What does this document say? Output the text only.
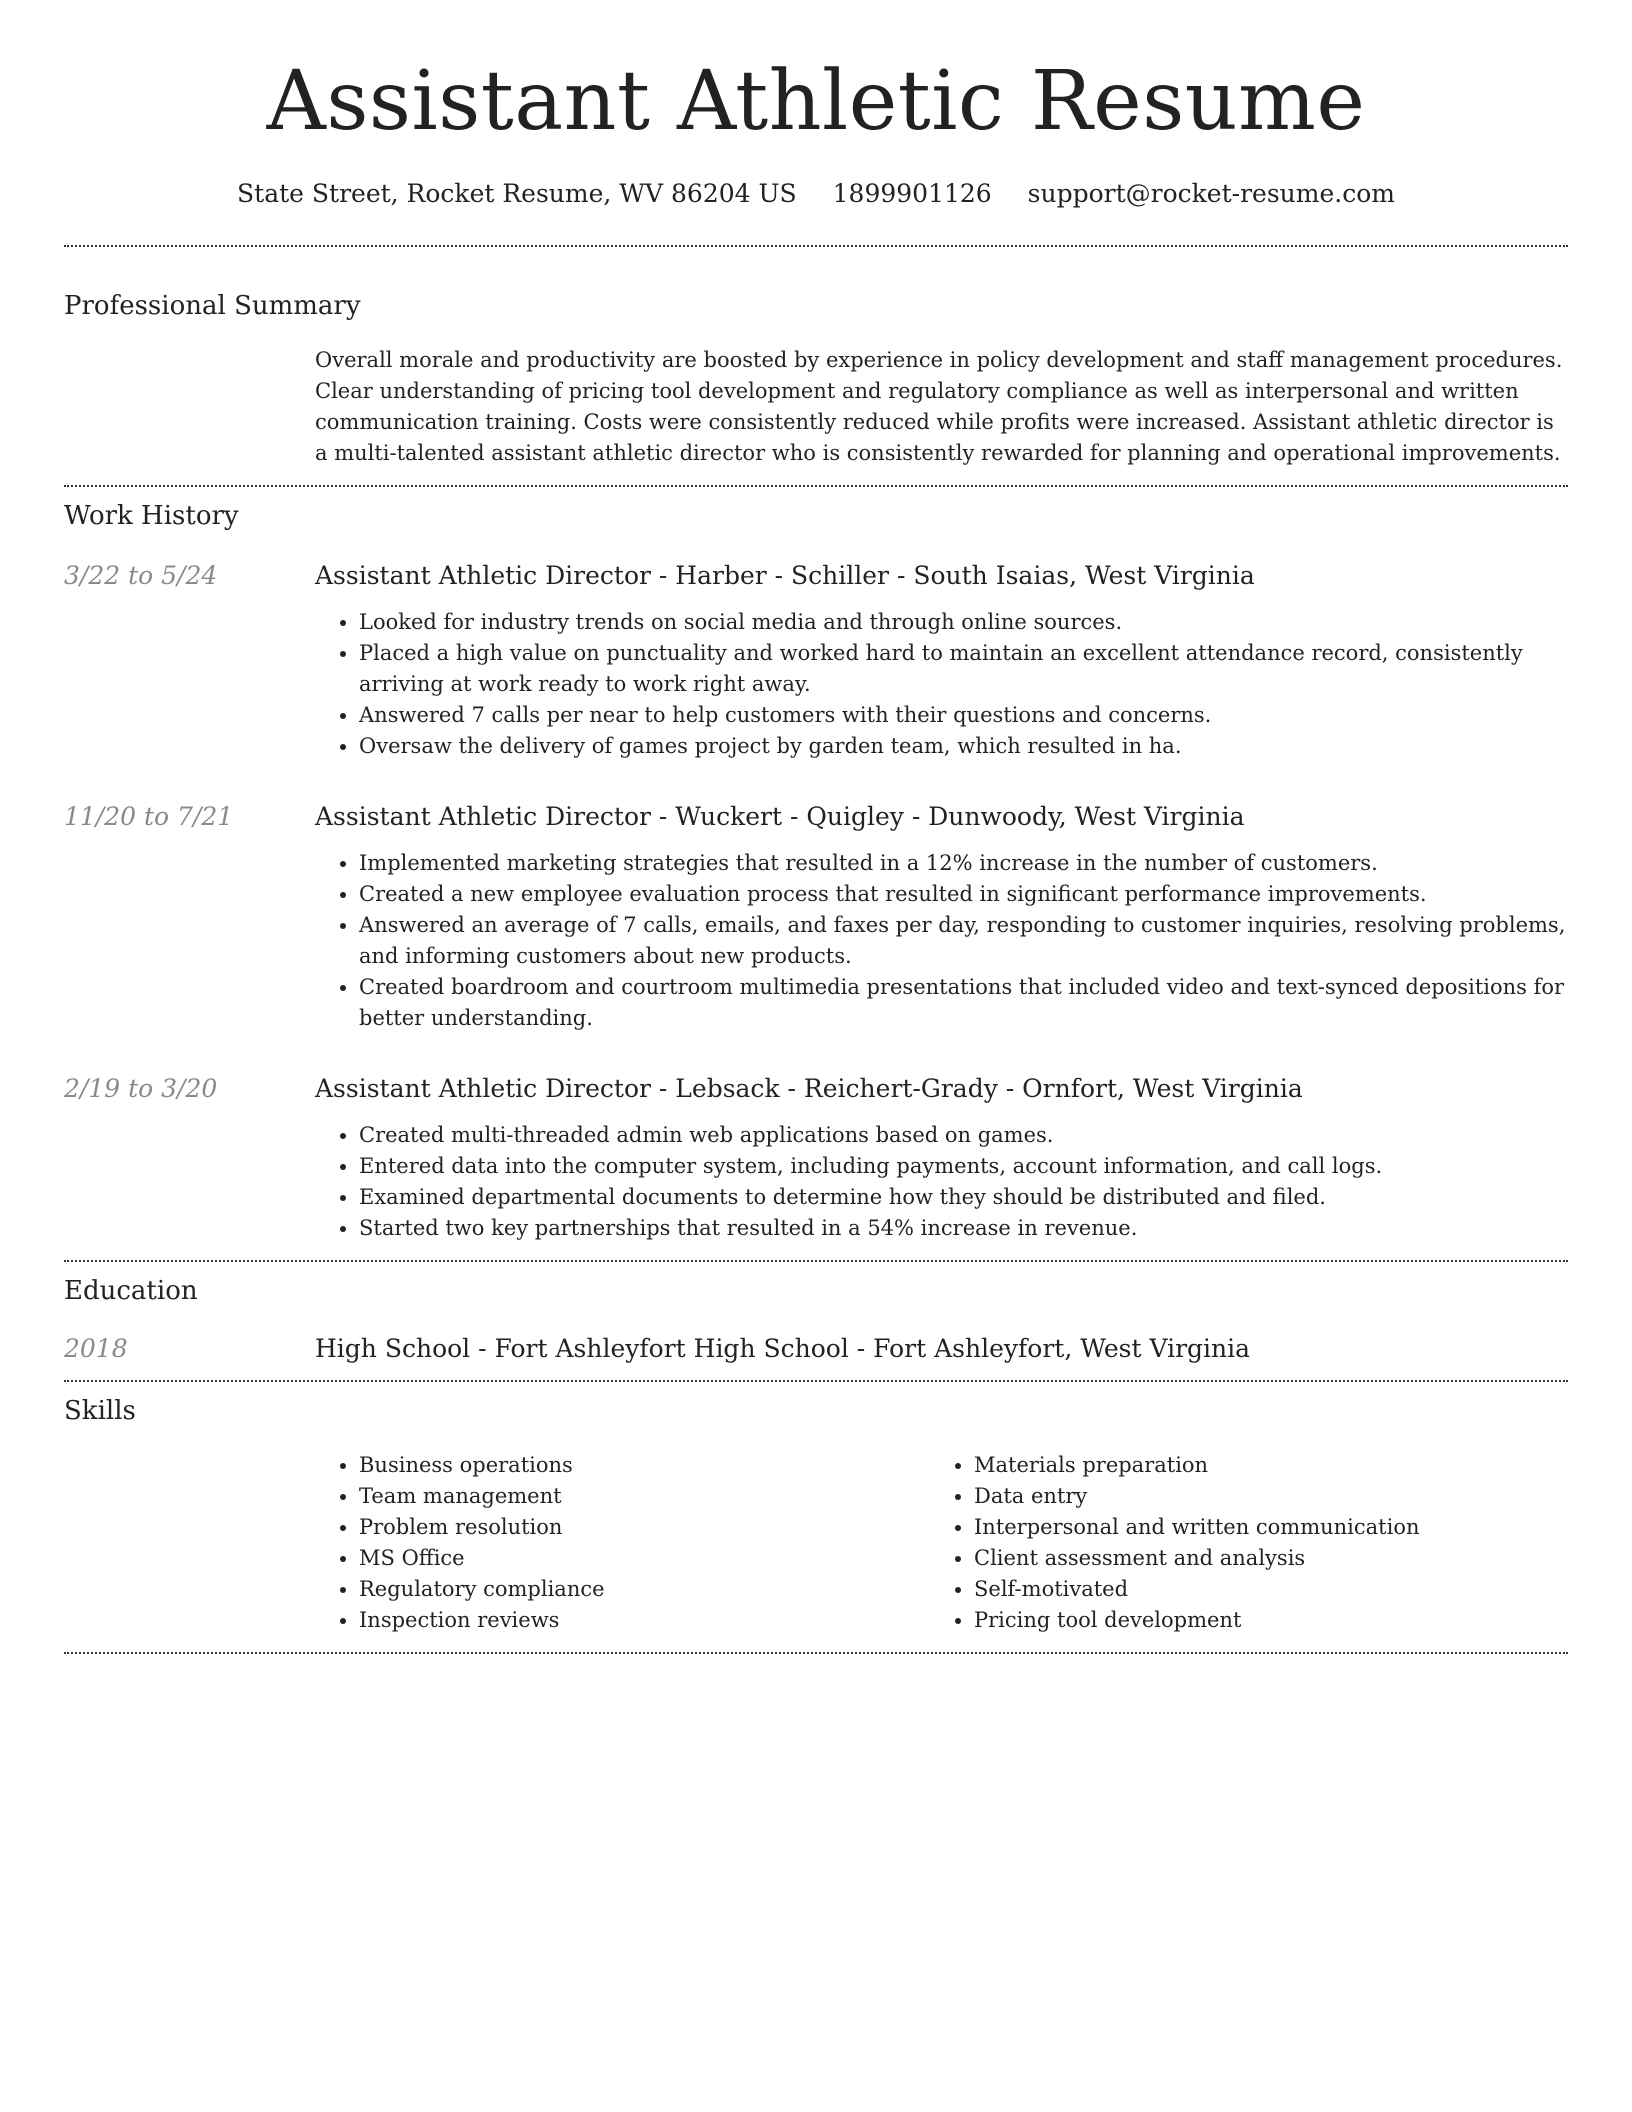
Assistant Athletic Resume
State Street, Rocket Resume, WV 86204 US 1899901126 support@rocket-resume.com
Professional Summary
Overall morale and productivity are boosted by experience in policy development and staff management procedures. Clear understanding of pricing tool development and regulatory compliance as well as interpersonal and written communication training. Costs were consistently reduced while profits were increased. Assistant athletic director is a multi-talented assistant athletic director who is consistently rewarded for planning and operational improvements.
Work History
3/22 to 5/24	Assistant Athletic Director - Harber - Schiller - South Isaias, West Virginia
• Looked for industry trends on social media and through online sources.
• Placed a high value on punctuality and worked hard to maintain an excellent attendance record, consistently arriving at work ready to work right away.
• Answered 7 calls per near to help customers with their questions and concerns.
• Oversaw the delivery of games project by garden team, which resulted in ha.
11/20 to 7/21	Assistant Athletic Director - Wuckert - Quigley - Dunwoody, West Virginia
• Implemented marketing strategies that resulted in a 12% increase in the number of customers.
• Created a new employee evaluation process that resulted in significant performance improvements.
• Answered an average of 7 calls, emails, and faxes per day, responding to customer inquiries, resolving problems, and informing customers about new products.
• Created boardroom and courtroom multimedia presentations that included video and text-synced depositions for better understanding.
2/19 to 3/20	Assistant Athletic Director - Lebsack - Reichert-Grady - Ornfort, West Virginia
• Created multi-threaded admin web applications based on games.
• Entered data into the computer system, including payments, account information, and call logs.
• Examined departmental documents to determine how they should be distributed and filed.
• Started two key partnerships that resulted in a 54% increase in revenue.
Education
2018	High School - Fort Ashleyfort High School - Fort Ashleyfort, West Virginia
Skills
• Business operations
• Team management
• Problem resolution
• MS Office
• Regulatory compliance
• Inspection reviews
• Materials preparation
• Data entry
• Interpersonal and written communication
• Client assessment and analysis
• Self-motivated
• Pricing tool development
